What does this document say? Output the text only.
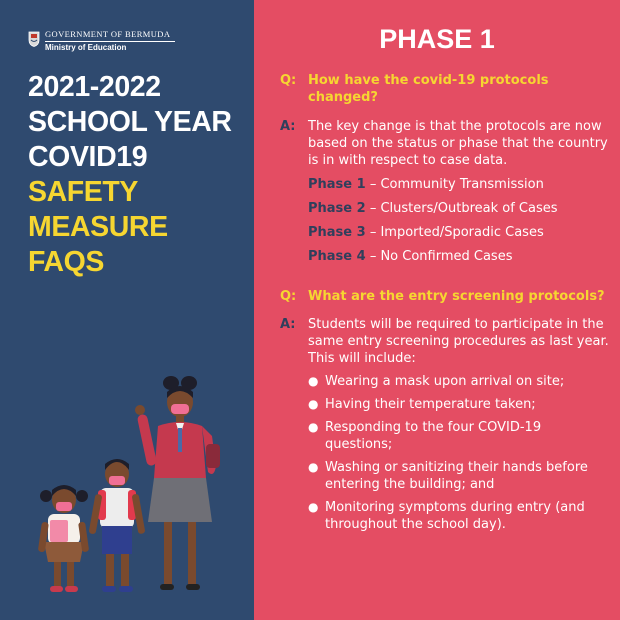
GOVERNMENT OF BERMUDA
Ministry of Education
2021-2022
SCHOOL YEAR
COVID19
SAFETY
MEASURE
FAQS
PHASE 1
Q: How have the covid-19 protocols changed?
A: The key change is that the protocols are now based on the status or phase that the country is in with respect to case data.
Phase 1 – Community Transmission
Phase 2 – Clusters/Outbreak of Cases
Phase 3 – Imported/Sporadic Cases
Phase 4 – No Confirmed Cases
Q: What are the entry screening protocols?
A: Students will be required to participate in the same entry screening procedures as last year. This will include:
● Wearing a mask upon arrival on site;
● Having their temperature taken;
● Responding to the four COVID-19 questions;
● Washing or sanitizing their hands before entering the building; and
● Monitoring symptoms during entry (and throughout the school day).
